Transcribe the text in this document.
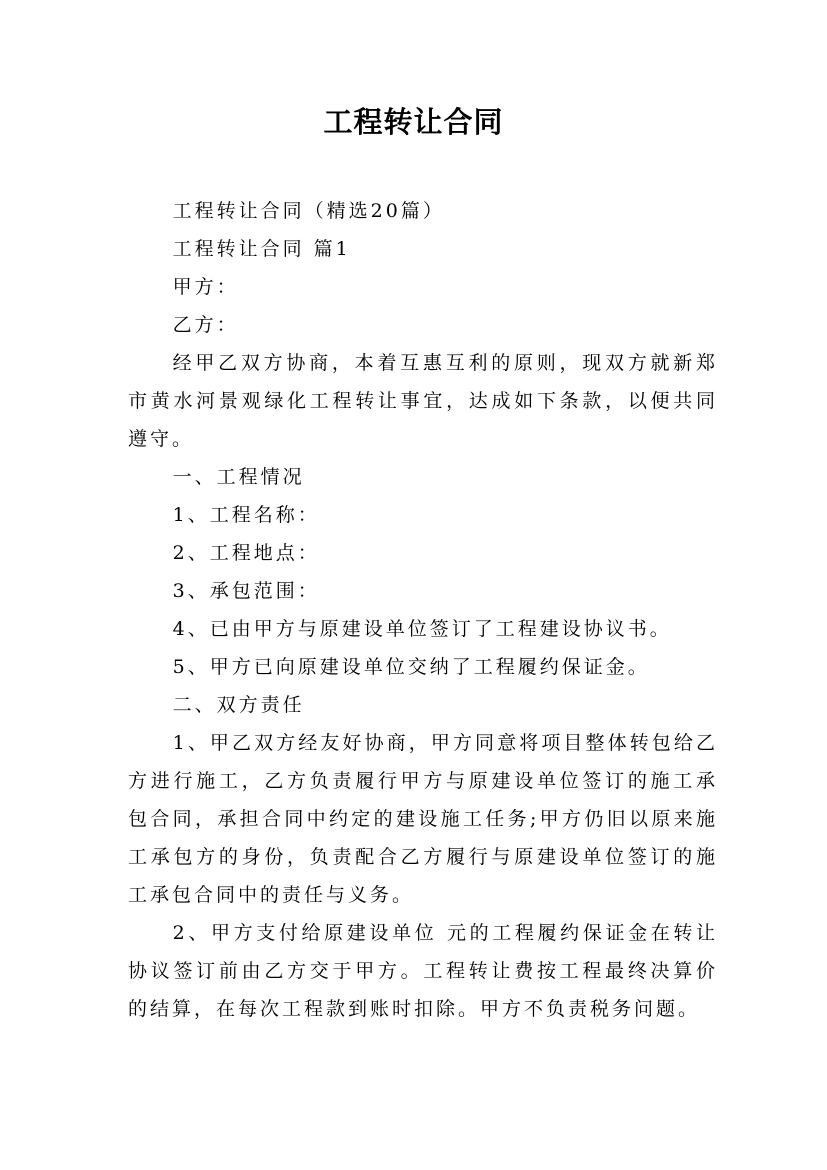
工程转让合同

工程转让合同（精选20篇）

工程转让合同 篇1

甲方：

乙方：

经甲乙双方协商，本着互惠互利的原则，现双方就新郑市黄水河景观绿化工程转让事宜，达成如下条款，以便共同遵守。

一、工程情况

1、工程名称：

2、工程地点：

3、承包范围：

4、已由甲方与原建设单位签订了工程建设协议书。

5、甲方已向原建设单位交纳了工程履约保证金。

二、双方责任

1、甲乙双方经友好协商，甲方同意将项目整体转包给乙方进行施工，乙方负责履行甲方与原建设单位签订的施工承包合同，承担合同中约定的建设施工任务;甲方仍旧以原来施工承包方的身份，负责配合乙方履行与原建设单位签订的施工承包合同中的责任与义务。

2、甲方支付给原建设单位 元的工程履约保证金在转让协议签订前由乙方交于甲方。工程转让费按工程最终决算价的结算，在每次工程款到账时扣除。甲方不负责税务问题。
